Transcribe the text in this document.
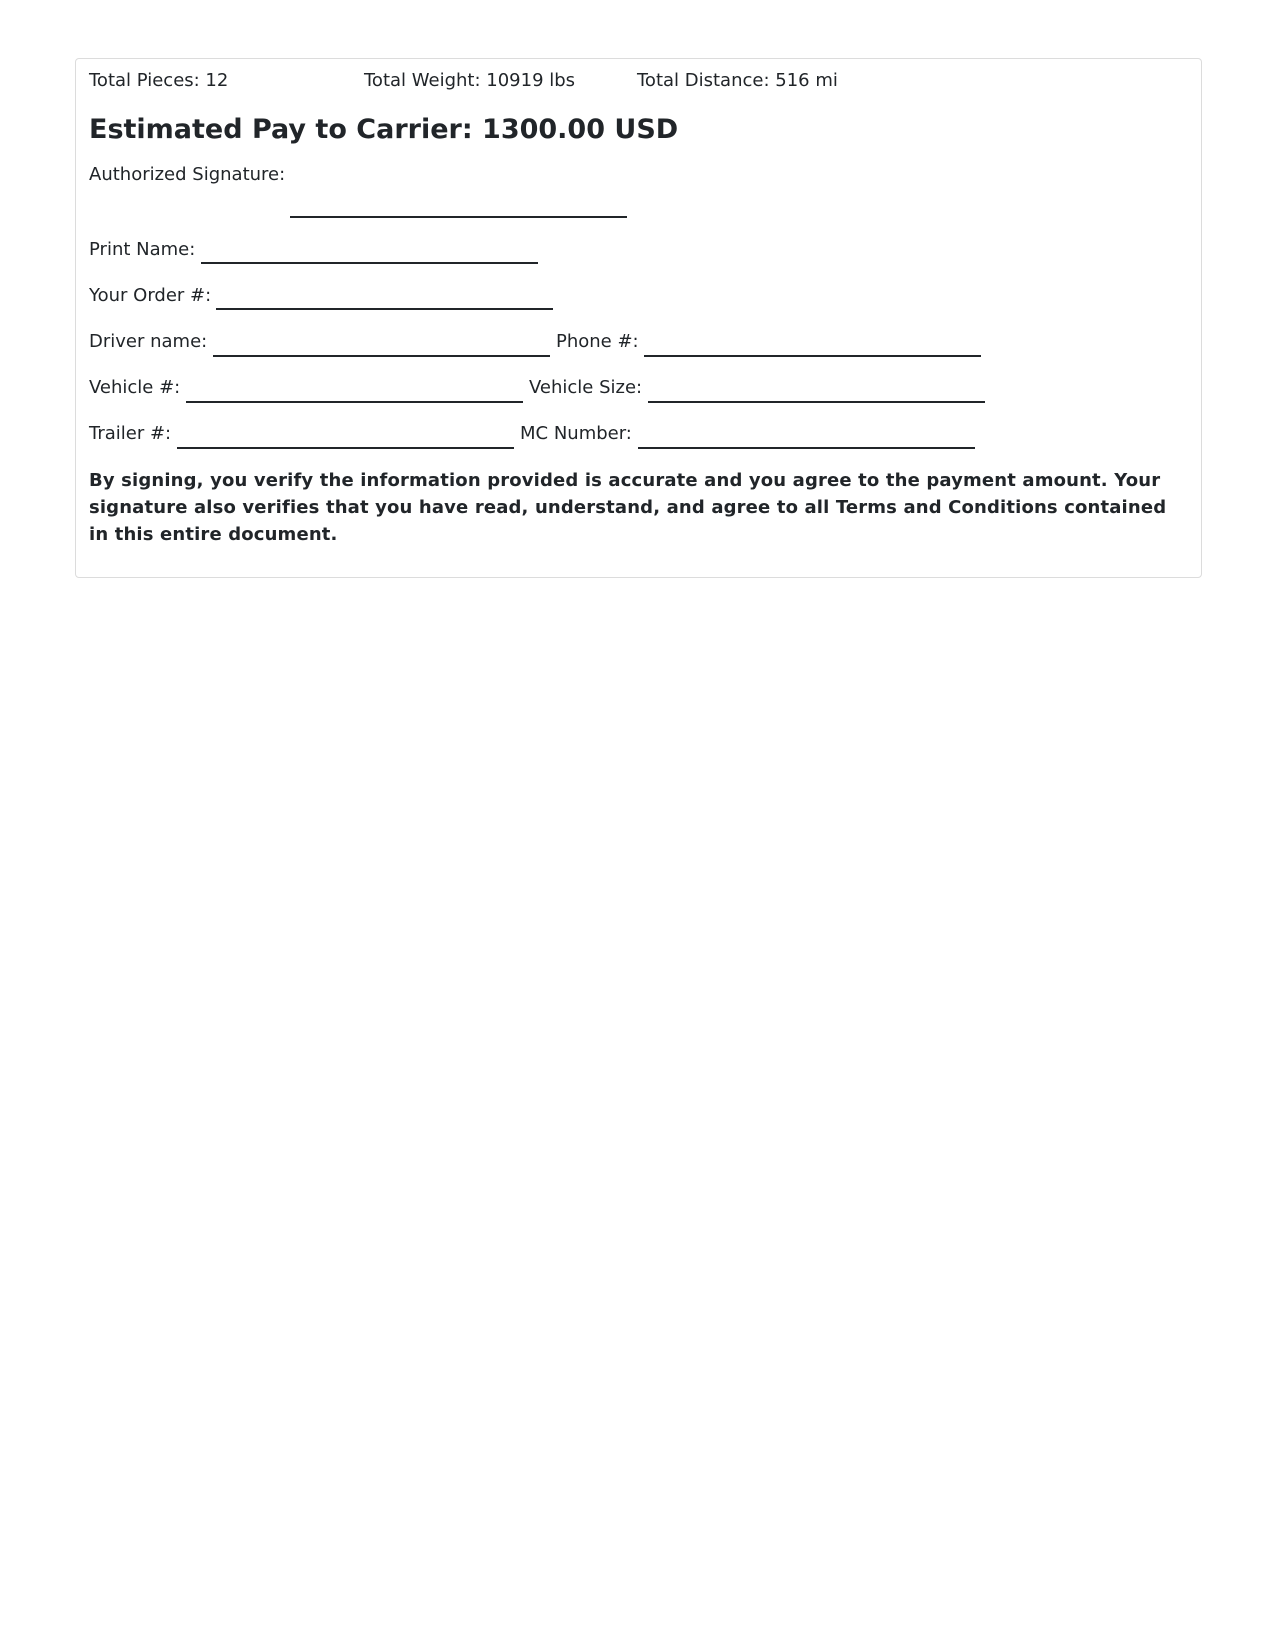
Total Pieces: 12	Total Weight: 10919 lbs	Total Distance: 516 mi
Estimated Pay to Carrier: 1300.00 USD
Authorized Signature:
Print Name:
Your Order #:
Driver name:	Phone #:
Vehicle #:	Vehicle Size:
Trailer #:	MC Number:
By signing, you verify the information provided is accurate and you agree to the payment amount. Your signature also verifies that you have read, understand, and agree to all Terms and Conditions contained in this entire document.
